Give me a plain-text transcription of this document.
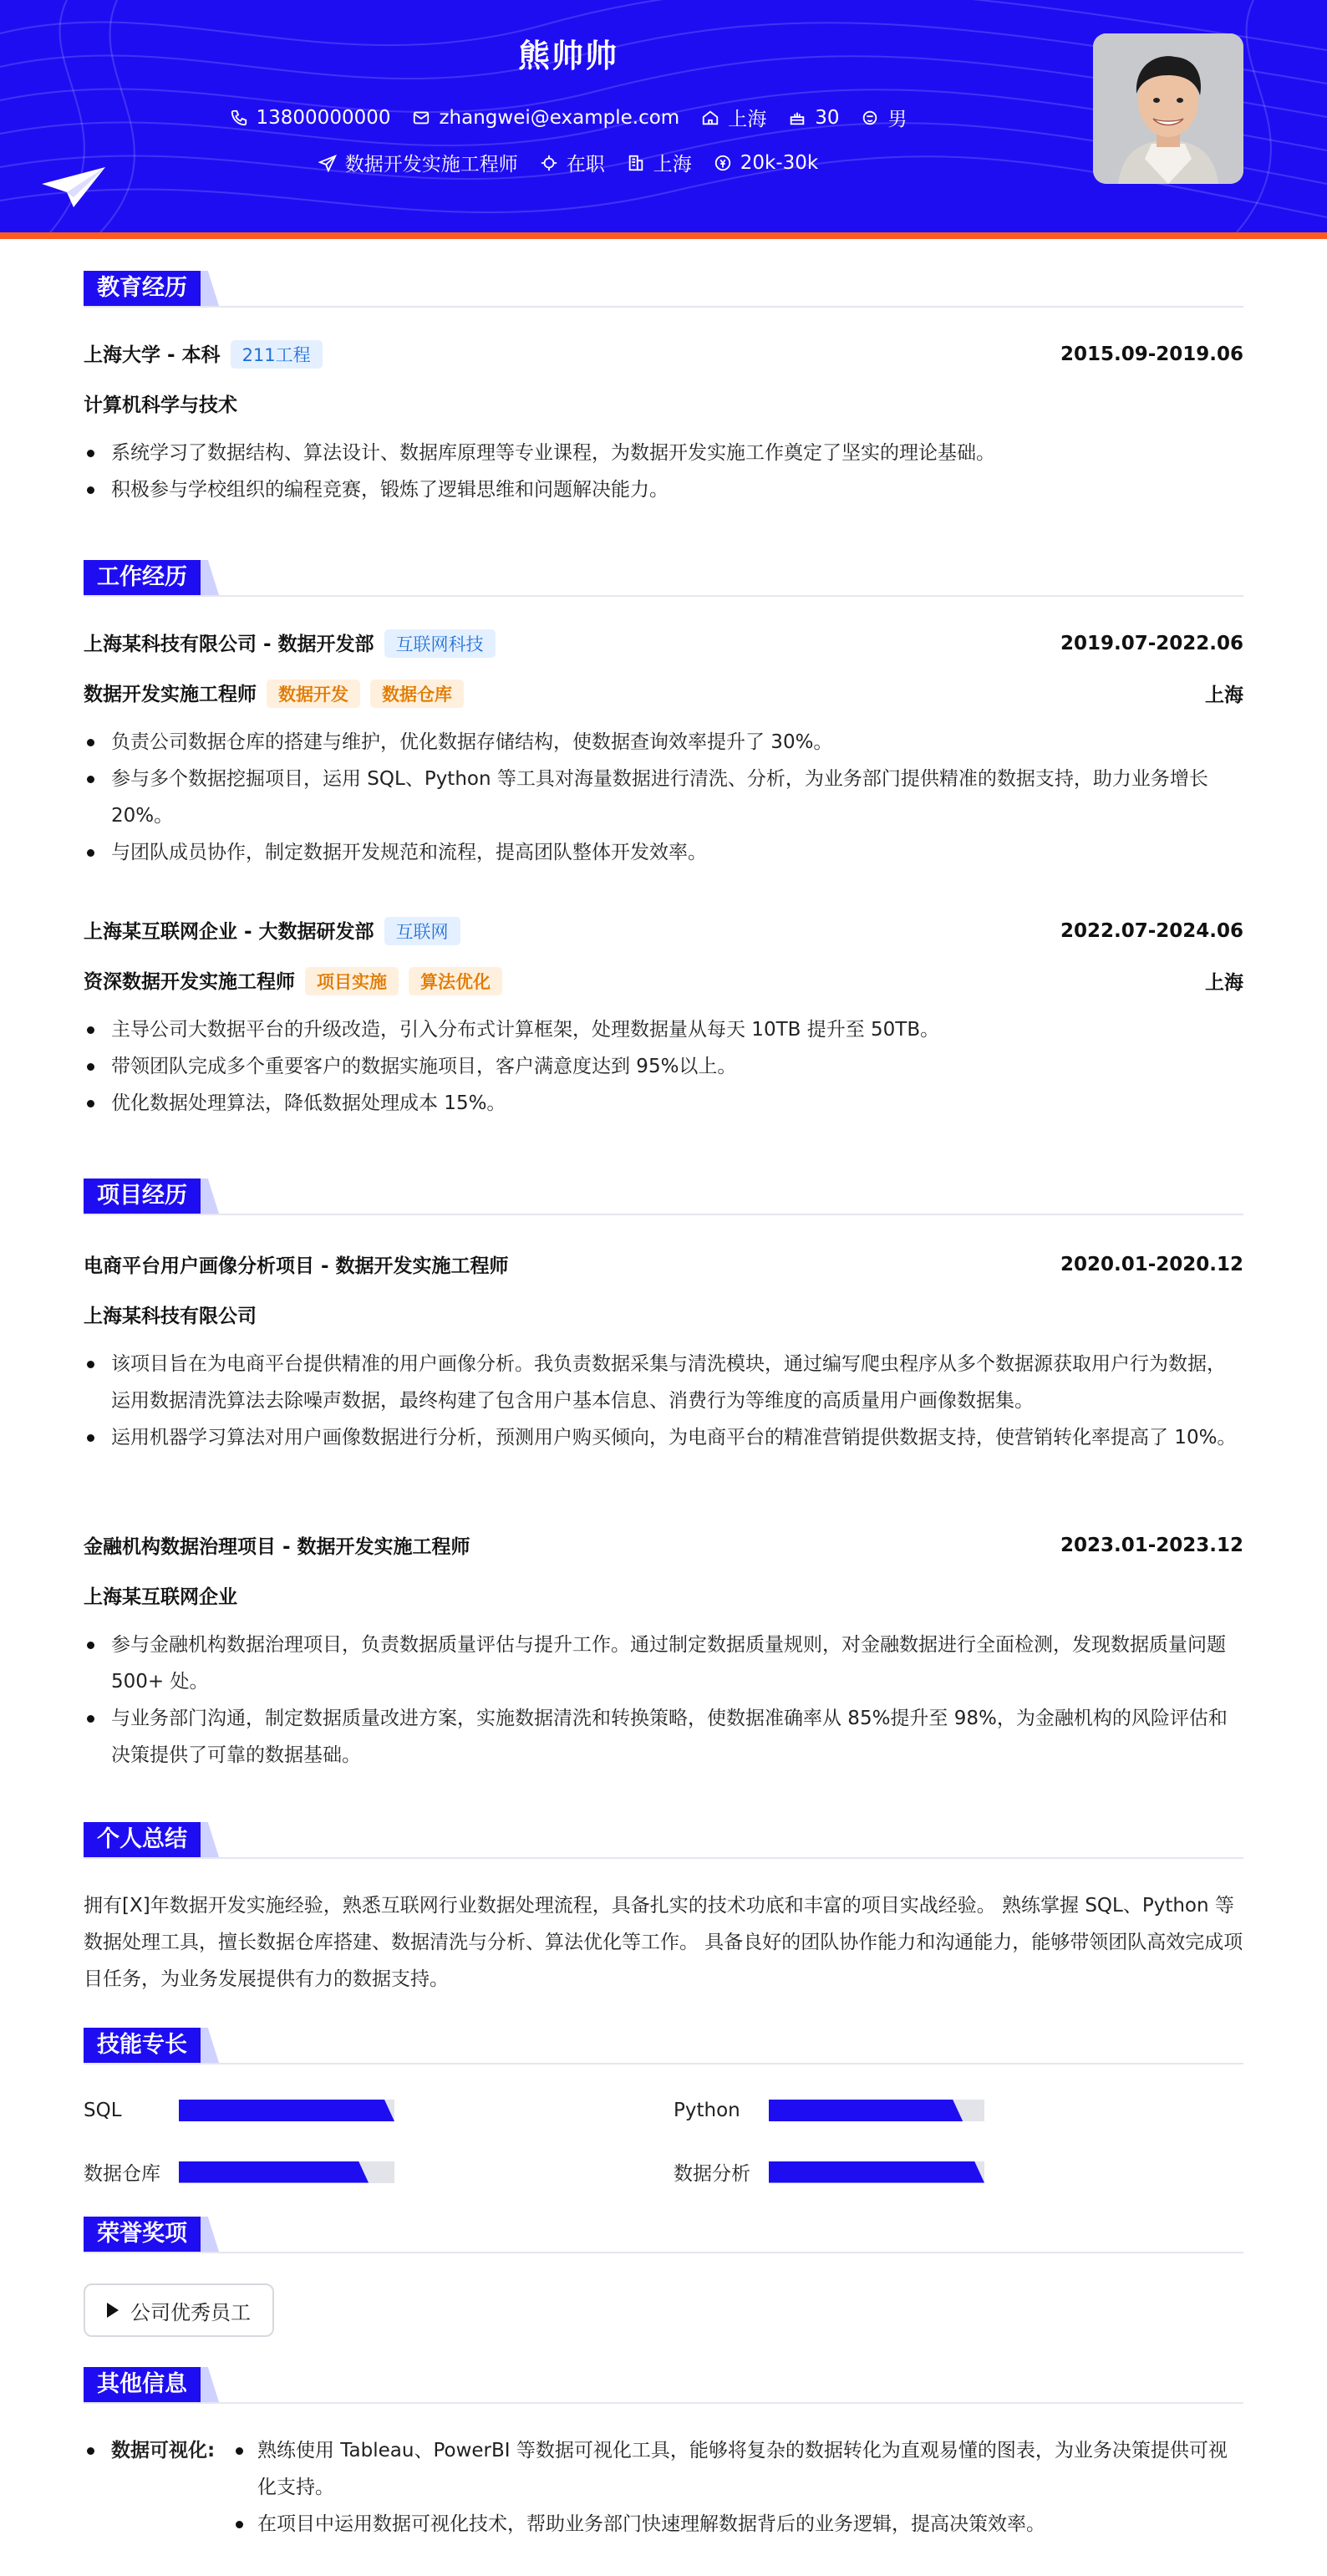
熊帅帅
13800000000	zhangwei@example.com	上海	30	男
数据开发实施工程师	在职	上海	20k-30k
教育经历
上海大学 - 本科 211工程	2015.09-2019.06
计算机科学与技术
系统学习了数据结构、算法设计、数据库原理等专业课程，为数据开发实施工作奠定了坚实的理论基础。
积极参与学校组织的编程竞赛，锻炼了逻辑思维和问题解决能力。
工作经历
上海某科技有限公司 - 数据开发部 互联网科技	2019.07-2022.06
数据开发实施工程师 数据开发 数据仓库	上海
负责公司数据仓库的搭建与维护，优化数据存储结构，使数据查询效率提升了 30%。
参与多个数据挖掘项目，运用 SQL、Python 等工具对海量数据进行清洗、分析，为业务部门提供精准的数据支持，助力业务增长 20%。
与团队成员协作，制定数据开发规范和流程，提高团队整体开发效率。
上海某互联网企业 - 大数据研发部 互联网	2022.07-2024.06
资深数据开发实施工程师 项目实施 算法优化	上海
主导公司大数据平台的升级改造，引入分布式计算框架，处理数据量从每天 10TB 提升至 50TB。
带领团队完成多个重要客户的数据实施项目，客户满意度达到 95%以上。
优化数据处理算法，降低数据处理成本 15%。
项目经历
电商平台用户画像分析项目 - 数据开发实施工程师	2020.01-2020.12
上海某科技有限公司
该项目旨在为电商平台提供精准的用户画像分析。我负责数据采集与清洗模块，通过编写爬虫程序从多个数据源获取用户行为数据，运用数据清洗算法去除噪声数据，最终构建了包含用户基本信息、消费行为等维度的高质量用户画像数据集。
运用机器学习算法对用户画像数据进行分析，预测用户购买倾向，为电商平台的精准营销提供数据支持，使营销转化率提高了 10%。
金融机构数据治理项目 - 数据开发实施工程师	2023.01-2023.12
上海某互联网企业
参与金融机构数据治理项目，负责数据质量评估与提升工作。通过制定数据质量规则，对金融数据进行全面检测，发现数据质量问题 500+ 处。
与业务部门沟通，制定数据质量改进方案，实施数据清洗和转换策略，使数据准确率从 85%提升至 98%，为金融机构的风险评估和决策提供了可靠的数据基础。
个人总结
拥有[X]年数据开发实施经验，熟悉互联网行业数据处理流程，具备扎实的技术功底和丰富的项目实战经验。 熟练掌握 SQL、Python 等数据处理工具，擅长数据仓库搭建、数据清洗与分析、算法优化等工作。 具备良好的团队协作能力和沟通能力，能够带领团队高效完成项目任务，为业务发展提供有力的数据支持。
技能专长
SQL	Python
数据仓库	数据分析
荣誉奖项
公司优秀员工
其他信息
数据可视化:	熟练使用 Tableau、PowerBI 等数据可视化工具，能够将复杂的数据转化为直观易懂的图表，为业务决策提供可视化支持。
在项目中运用数据可视化技术，帮助业务部门快速理解数据背后的业务逻辑，提高决策效率。
